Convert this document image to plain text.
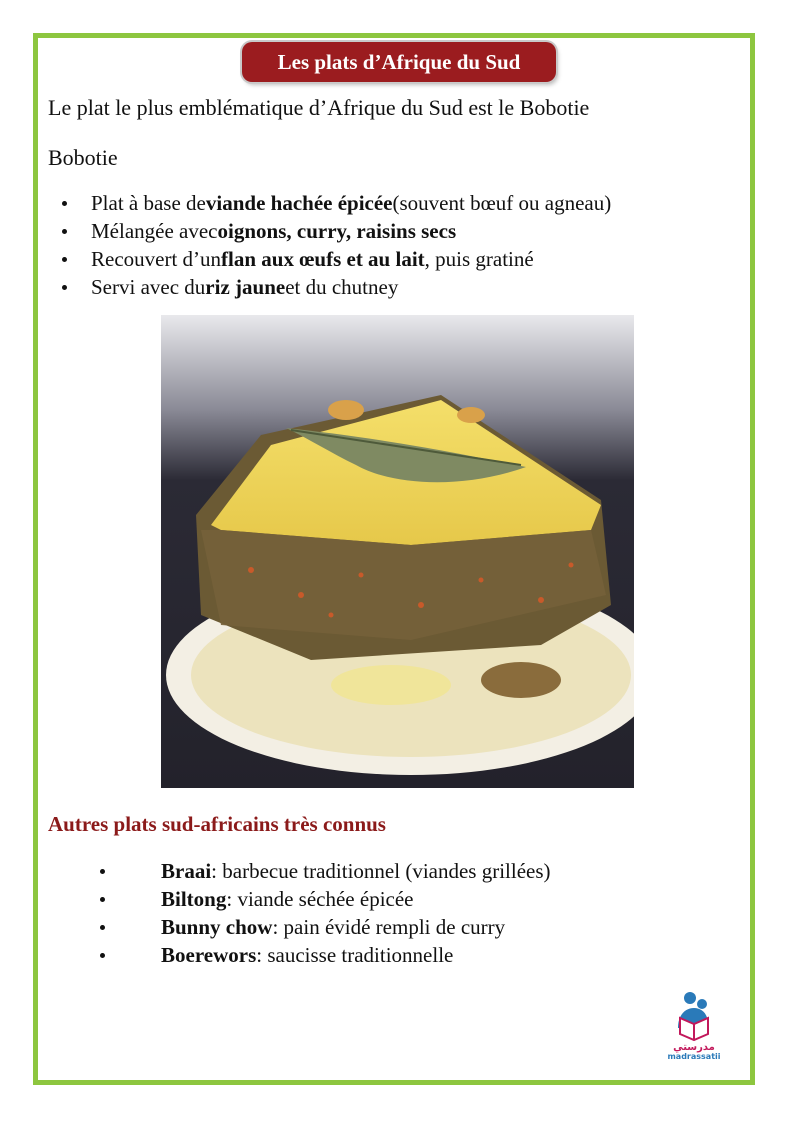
Les plats d’Afrique du Sud
Le plat le plus emblématique d’Afrique du Sud est le Bobotie
Bobotie
Plat à base de viande hachée épicée (souvent bœuf ou agneau)
Mélangée avec oignons, curry, raisins secs
Recouvert d’un flan aux œufs et au lait , puis gratiné
Servi avec du riz jaune et du chutney
Autres plats sud-africains très connus
Braai : barbecue traditionnel (viandes grillées)
Biltong : viande séchée épicée
Bunny chow : pain évidé rempli de curry
Boerewors : saucisse traditionnelle
مدرستي
madrassatii
